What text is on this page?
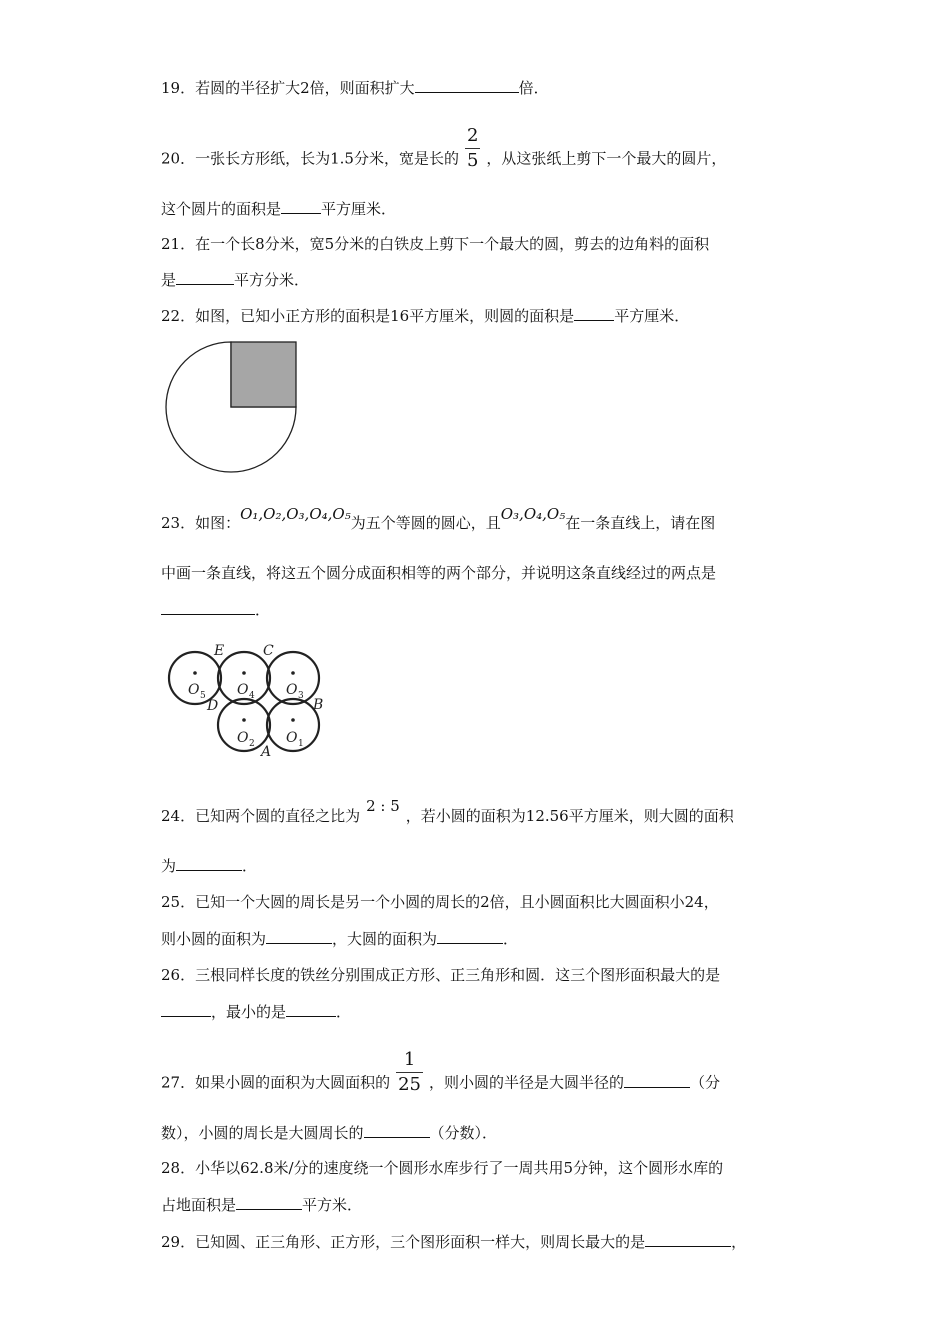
19．若圆的半径扩大2倍，则面积扩大	倍．
20．一张长方形纸，长为1.5分米，宽是长的 $\frac{2}{5}$ ，从这张纸上剪下一个最大的圆片，
这个圆片的面积是	平方厘米．
21．在一个长8分米，宽5分米的白铁皮上剪下一个最大的圆，剪去的边角料的面积
是	平方分米．
22．如图，已知小正方形的面积是16平方厘米，则圆的面积是	平方厘米．
23．如图：O₁,O₂,O₃,O₄,O₅为五个等圆的圆心，且O₃,O₄,O₅在一条直线上，请在图
中画一条直线，将这五个圆分成面积相等的两个部分，并说明这条直线经过的两点是
．
O 5 O 4 O 3
O 2 O 1
E	C
D	B
A
24．已知两个圆的直径之比为2 : 5，若小圆的面积为12.56平方厘米，则大圆的面积
为	．
25．已知一个大圆的周长是另一个小圆的周长的2倍，且小圆面积比大圆面积小24，
则小圆的面积为	，大圆的面积为	．
26．三根同样长度的铁丝分别围成正方形、正三角形和圆．这三个图形面积最大的是
，最小的是	．
27．如果小圆的面积为大圆面积的 $\frac{1}{25}$ ，则小圆的半径是大圆半径的	（分
数），小圆的周长是大圆周长的	（分数）．
28．小华以62.8米/分的速度绕一个圆形水库步行了一周共用5分钟，这个圆形水库的
占地面积是	平方米．
29．已知圆、正三角形、正方形，三个图形面积一样大，则周长最大的是	，
